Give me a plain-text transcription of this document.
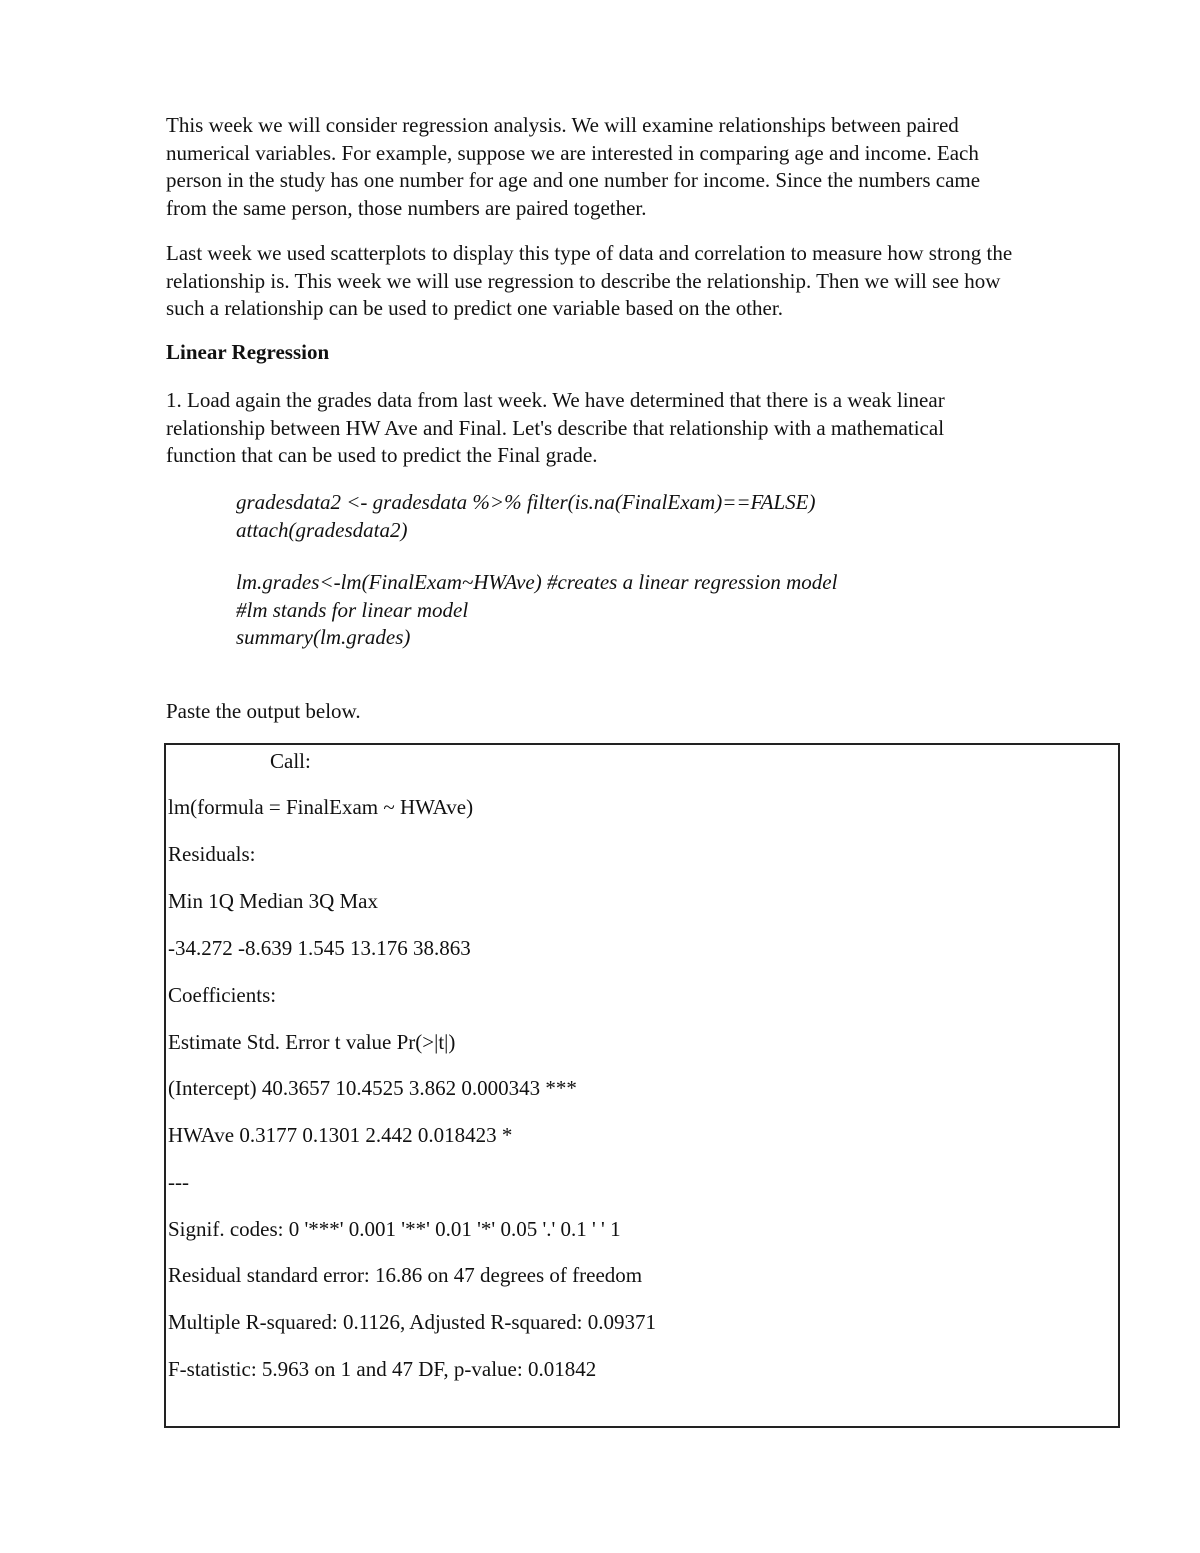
This week we will consider regression analysis. We will examine relationships between paired
numerical variables. For example, suppose we are interested in comparing age and income. Each
person in the study has one number for age and one number for income. Since the numbers came
from the same person, those numbers are paired together.

Last week we used scatterplots to display this type of data and correlation to measure how strong the
relationship is. This week we will use regression to describe the relationship. Then we will see how
such a relationship can be used to predict one variable based on the other.

Linear Regression

1. Load again the grades data from last week. We have determined that there is a weak linear
relationship between HW Ave and Final. Let's describe that relationship with a mathematical
function that can be used to predict the Final grade.

gradesdata2 <- gradesdata %>% filter(is.na(FinalExam)==FALSE)
attach(gradesdata2)

lm.grades<-lm(FinalExam~HWAve) #creates a linear regression model
#lm stands for linear model
summary(lm.grades)

Paste the output below.

Call:
lm(formula = FinalExam ~ HWAve)
Residuals:
Min 1Q Median 3Q Max
-34.272 -8.639 1.545 13.176 38.863
Coefficients:
Estimate Std. Error t value Pr(>|t|)
(Intercept) 40.3657 10.4525 3.862 0.000343 ***
HWAve 0.3177 0.1301 2.442 0.018423 *
---
Signif. codes: 0 '***' 0.001 '**' 0.01 '*' 0.05 '.' 0.1 ' ' 1
Residual standard error: 16.86 on 47 degrees of freedom
Multiple R-squared: 0.1126, Adjusted R-squared: 0.09371
F-statistic: 5.963 on 1 and 47 DF, p-value: 0.01842
